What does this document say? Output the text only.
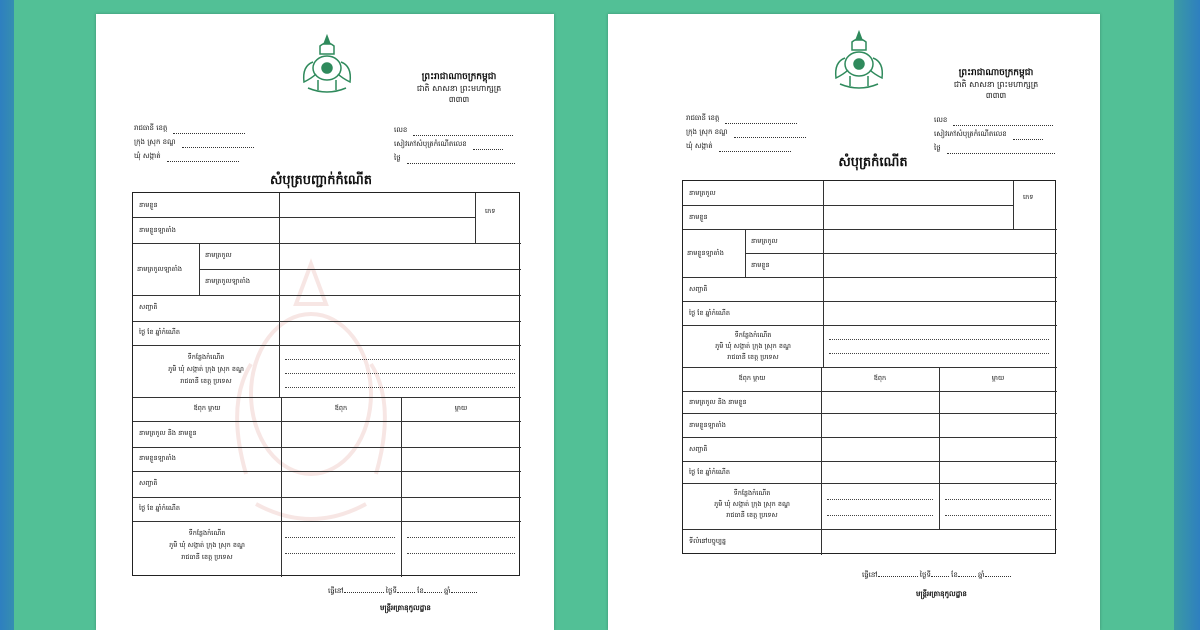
ព្រះរាជាណាចក្រកម្ពុជា
ជាតិ សាសនា ព្រះមហាក្សត្រ
៣៣៣
រាជធានី ខេត្ត
ក្រុង ស្រុក ខណ្ឌ
ឃុំ សង្កាត់
លេខ
សៀវភៅសំបុត្រកំណើតលេខ
ថ្ងៃ
សំបុត្របញ្ជាក់កំណើត
នាមខ្លួន
ភេទ
នាមខ្លួនឡាតាំង
នាមត្រកូលឡាតាំង
នាមត្រកូល
នាមត្រកូលឡាតាំង
សញ្ជាតិ
ថ្ងៃ ខែ ឆ្នាំកំណើត
ទីកន្លែងកំណើត
ភូមិ ឃុំ សង្កាត់ ក្រុង ស្រុក ខណ្ឌ
រាជធានី ខេត្ត ប្រទេស
ឪពុក ម្តាយ	ឪពុក	ម្តាយ
នាមត្រកូល និង នាមខ្លួន
នាមខ្លួនឡាតាំង
សញ្ជាតិ
ថ្ងៃ ខែ ឆ្នាំកំណើត
ទីកន្លែងកំណើត
ភូមិ ឃុំ សង្កាត់ ក្រុង ស្រុក ខណ្ឌ
រាជធានី ខេត្ត ប្រទេស
ធ្វើនៅ	ថ្ងៃទី	ខែ	ឆ្នាំ
មន្ត្រីអត្រានុកូលដ្ឋាន
ព្រះរាជាណាចក្រកម្ពុជា
ជាតិ សាសនា ព្រះមហាក្សត្រ
៣៣៣
រាជធានី ខេត្ត
ក្រុង ស្រុក ខណ្ឌ
ឃុំ សង្កាត់
លេខ
សៀវភៅសំបុត្រកំណើតលេខ
ថ្ងៃ
សំបុត្រកំណើត
នាមត្រកូល	ភេទ
នាមខ្លួន
នាមខ្លួនឡាតាំង
នាមត្រកូល
នាមខ្លួន
សញ្ជាតិ
ថ្ងៃ ខែ ឆ្នាំកំណើត
ទីកន្លែងកំណើត
ភូមិ ឃុំ សង្កាត់ ក្រុង ស្រុក ខណ្ឌ
រាជធានី ខេត្ត ប្រទេស
ឪពុក ម្តាយ	ឪពុក	ម្តាយ
នាមត្រកូល និង នាមខ្លួន
នាមខ្លួនឡាតាំង
សញ្ជាតិ
ថ្ងៃ ខែ ឆ្នាំកំណើត
ទីកន្លែងកំណើត
ភូមិ ឃុំ សង្កាត់ ក្រុង ស្រុក ខណ្ឌ
រាជធានី ខេត្ត ប្រទេស
ទីលំនៅបច្ចុប្បន្ន
ធ្វើនៅ	ថ្ងៃទី	ខែ	ឆ្នាំ
មន្ត្រីអត្រានុកូលដ្ឋាន
